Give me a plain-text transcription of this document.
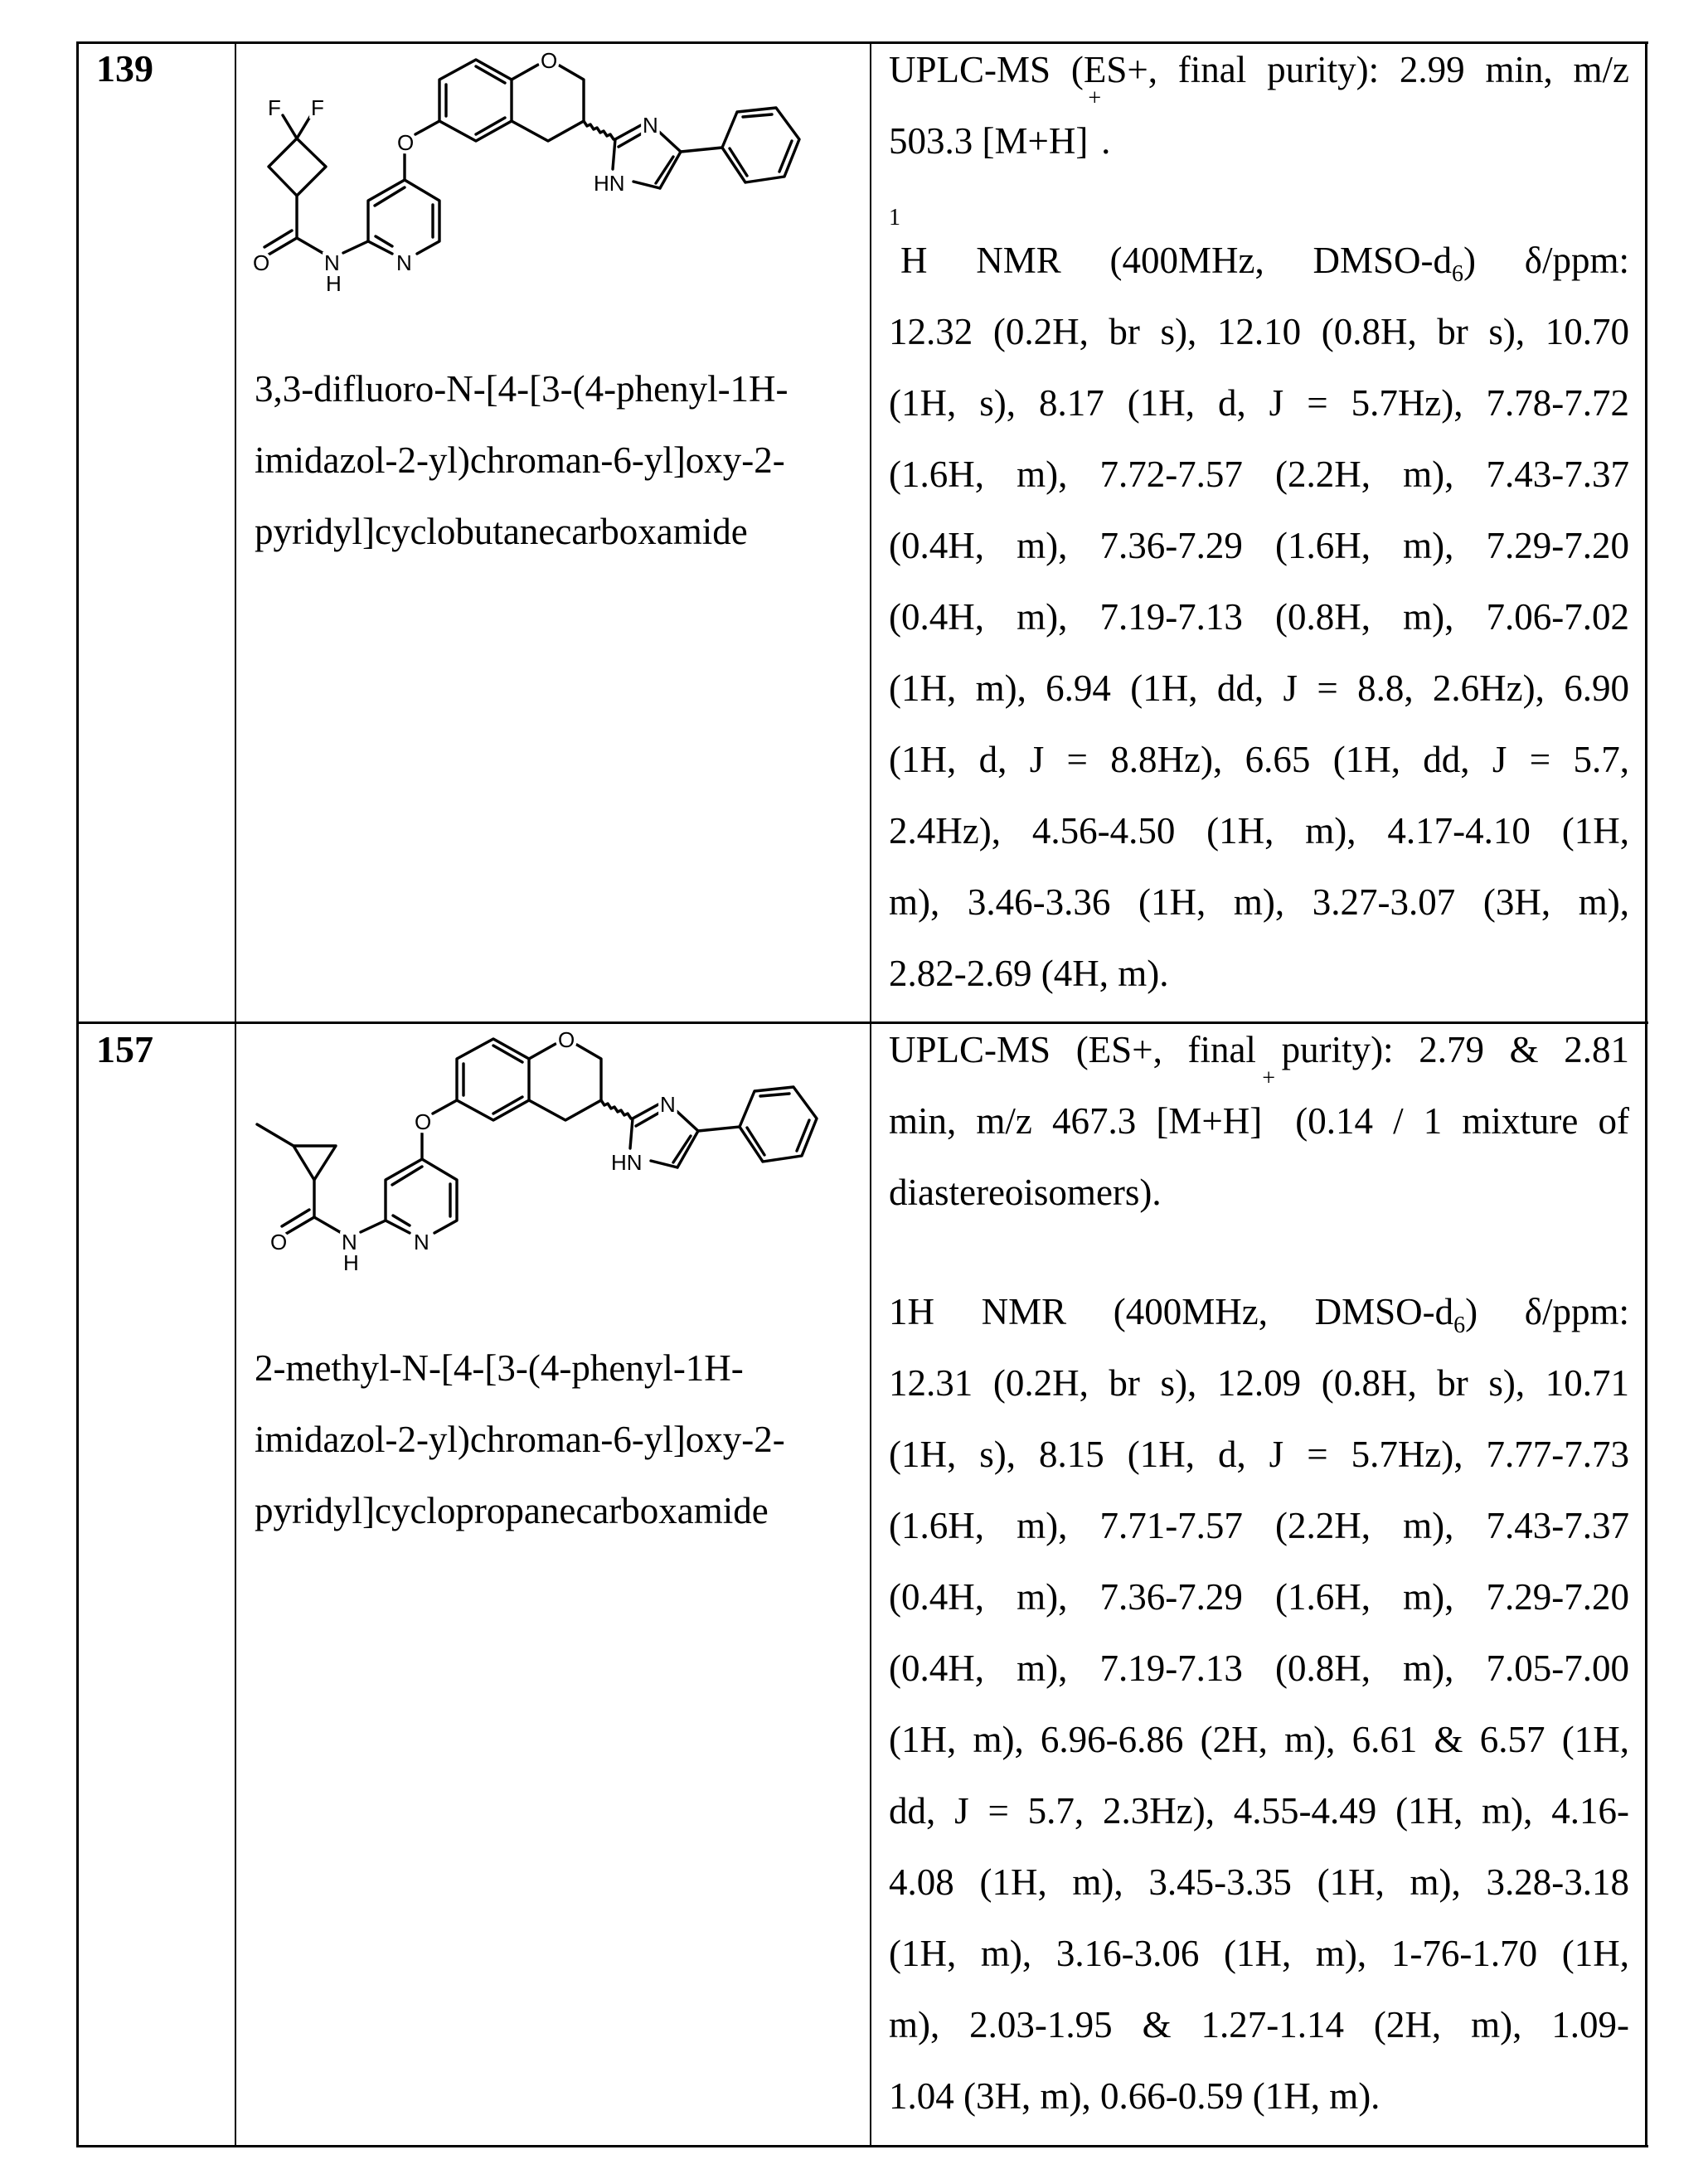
139
F F
O	N
H
N
O
O
N
HN
3,3-difluoro-N-[4-[3-(4-phenyl-1H-
imidazol-2-yl)chroman-6-yl]oxy-2-
pyridyl]cyclobutanecarboxamide
UPLC-MS (ES+, final purity): 2.99 min, m/z
503.3 [M+H]+.
1H NMR (400MHz, DMSO-d6) δ/ppm:
12.32 (0.2H, br s), 12.10 (0.8H, br s), 10.70
(1H, s), 8.17 (1H, d, J = 5.7Hz), 7.78-7.72
(1.6H, m), 7.72-7.57 (2.2H, m), 7.43-7.37
(0.4H, m), 7.36-7.29 (1.6H, m), 7.29-7.20
(0.4H, m), 7.19-7.13 (0.8H, m), 7.06-7.02
(1H, m), 6.94 (1H, dd, J = 8.8, 2.6Hz), 6.90
(1H, d, J = 8.8Hz), 6.65 (1H, dd, J = 5.7,
2.4Hz), 4.56-4.50 (1H, m), 4.17-4.10 (1H,
m), 3.46-3.36 (1H, m), 3.27-3.07 (3H, m),
2.82-2.69 (4H, m).
157
O	N
H
N
O
O
N
HN
2-methyl-N-[4-[3-(4-phenyl-1H-
imidazol-2-yl)chroman-6-yl]oxy-2-
pyridyl]cyclopropanecarboxamide
UPLC-MS (ES+, final purity): 2.79 & 2.81
min, m/z 467.3 [M+H]+ (0.14 / 1 mixture of
diastereoisomers).
1H NMR (400MHz, DMSO-d6) δ/ppm:
12.31 (0.2H, br s), 12.09 (0.8H, br s), 10.71
(1H, s), 8.15 (1H, d, J = 5.7Hz), 7.77-7.73
(1.6H, m), 7.71-7.57 (2.2H, m), 7.43-7.37
(0.4H, m), 7.36-7.29 (1.6H, m), 7.29-7.20
(0.4H, m), 7.19-7.13 (0.8H, m), 7.05-7.00
(1H, m), 6.96-6.86 (2H, m), 6.61 & 6.57 (1H,
dd, J = 5.7, 2.3Hz), 4.55-4.49 (1H, m), 4.16-
4.08 (1H, m), 3.45-3.35 (1H, m), 3.28-3.18
(1H, m), 3.16-3.06 (1H, m), 1-76-1.70 (1H,
m), 2.03-1.95 & 1.27-1.14 (2H, m), 1.09-
1.04 (3H, m), 0.66-0.59 (1H, m).
